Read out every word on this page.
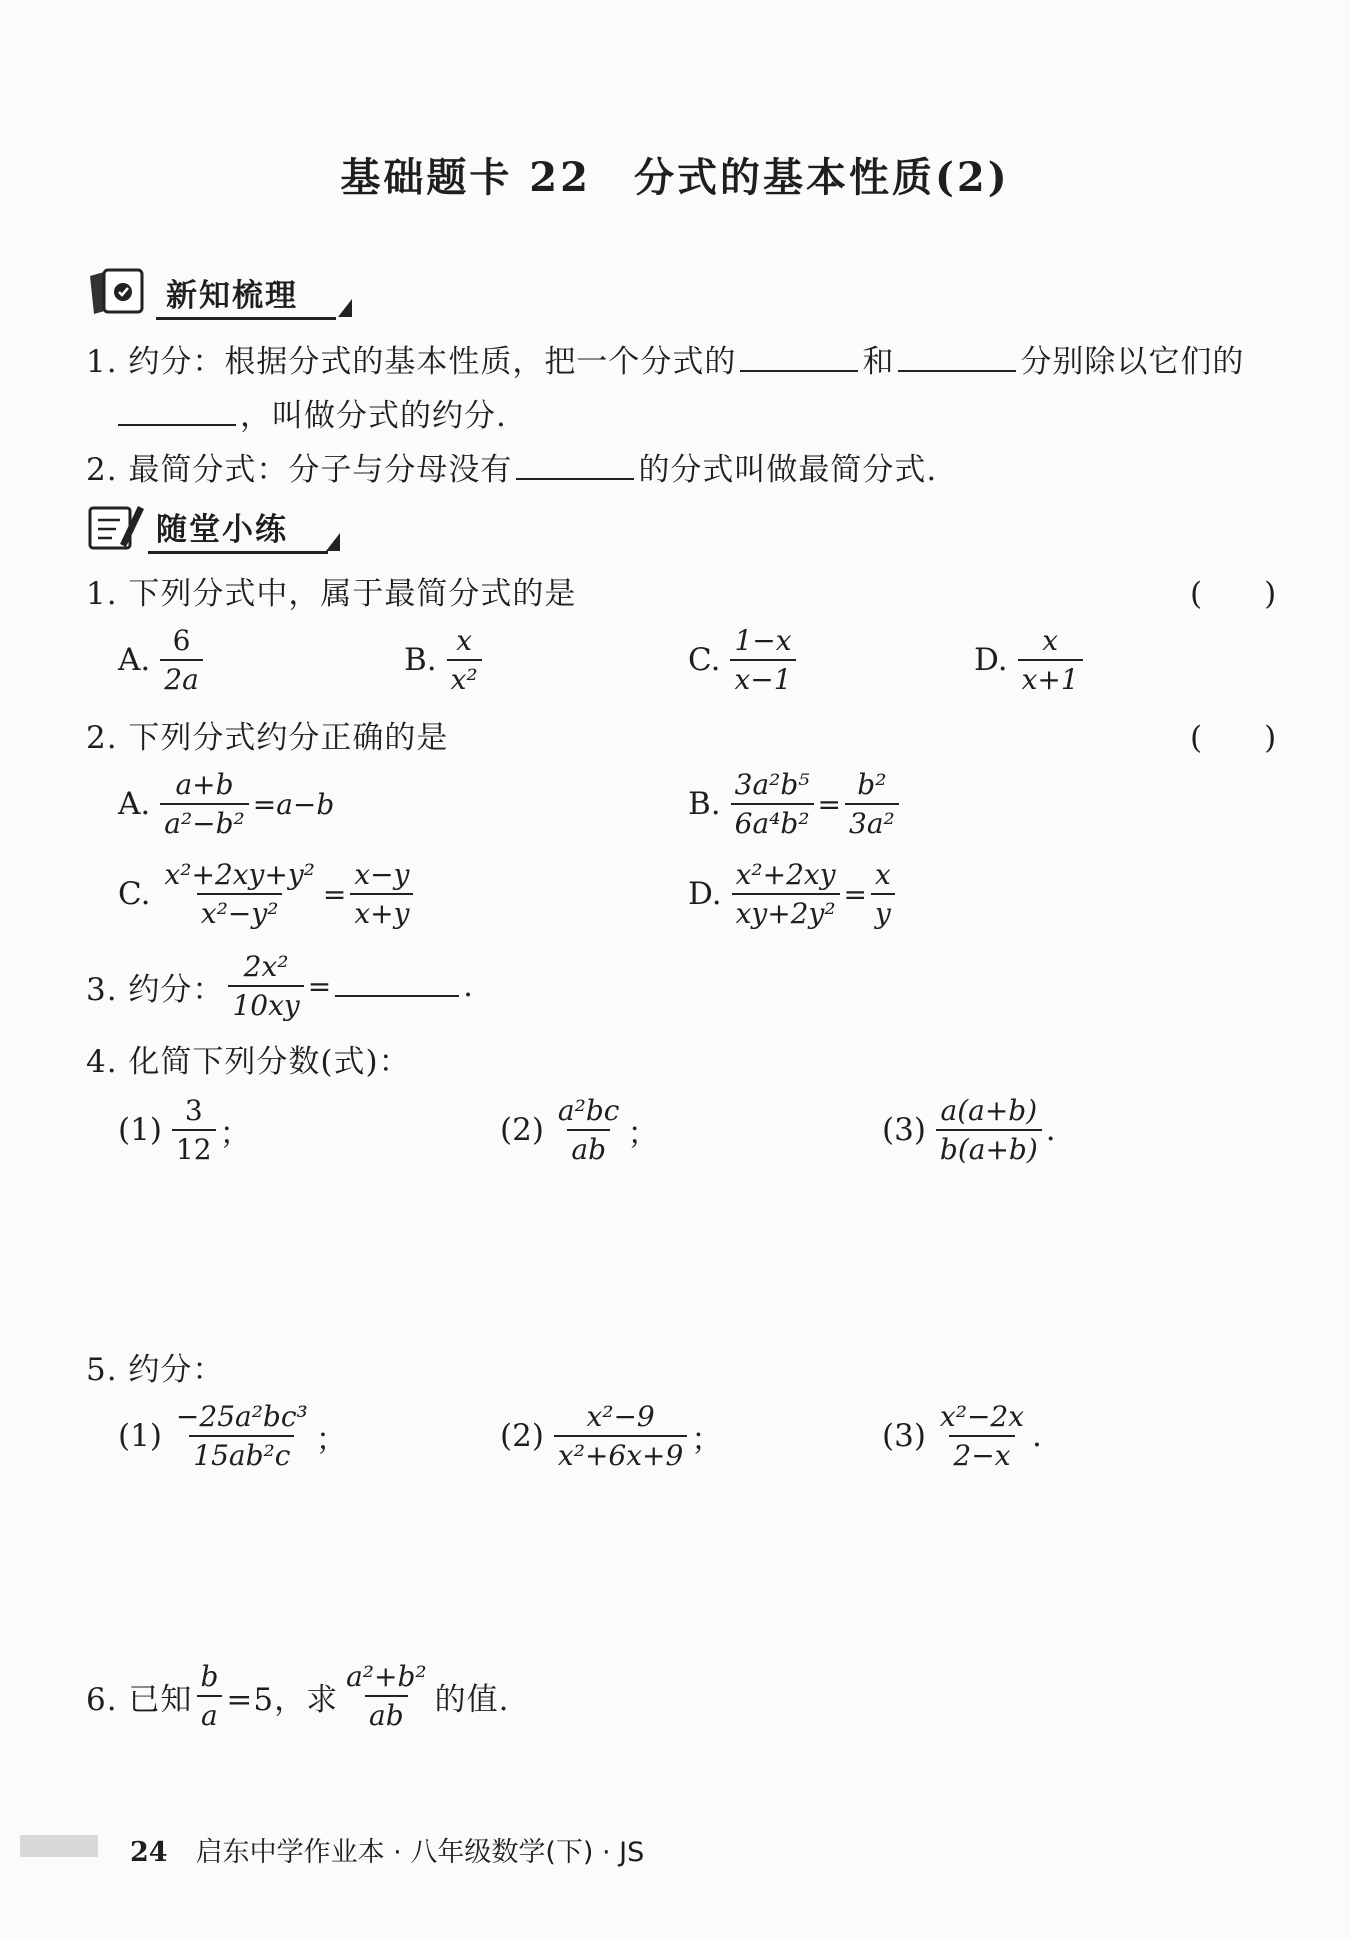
基础题卡 22　分式的基本性质(2)
新知梳理
1. 约分：根据分式的基本性质，把一个分式的	和	分别除以它们的
，叫做分式的约分.
2. 最简分式：分子与分母没有	的分式叫做最简分式.
随堂小练
1. 下列分式中，属于最简分式的是	(　　)
A. $\frac{6}{2a}$	B. $\frac{x}{\text{x²}}$	C. $\frac{1-x}{x-1}$	D. $\frac{x}{x+1}$
2. 下列分式约分正确的是	(　　)
A. $\frac{a+b}{\text{a²−b²}} =a-b$	B. $\frac{\text{3a²b⁵}}{\text{6a⁴b²}} = \frac{\text{b²}}{\text{3a²}}$
C. $\frac{\text{x²+2xy+y²}}{\text{x²−y²}} = \frac{x-y}{x+y}$	D. $\frac{\text{x²+2xy}}{\text{xy+2y²}} = \frac{x}{y}$
3. 约分： $\frac{\text{2x²}}{10xy}$ =	.
4. 化简下列分数(式)：
$(1) \frac{3}{12}$ ；	$(2) \frac{\text{a²bc}}{ab}$ ；	$(3) \frac{a(a+b)}{b(a+b)}$ .
5. 约分：
$(1) \frac{\text{−25a²bc³}}{\text{15ab²c}}$ ；	$(2) \frac{\text{x²−9}}{\text{x²+6x+9}}$ ；	$(3) \frac{\text{x²−2x}}{2-x}$ .
6. 已知 $\frac{b}{a} =5$，求 $\frac{\text{a²+b²}}{ab}$ 的值.
24 启东中学作业本 · 八年级数学(下) · JS
